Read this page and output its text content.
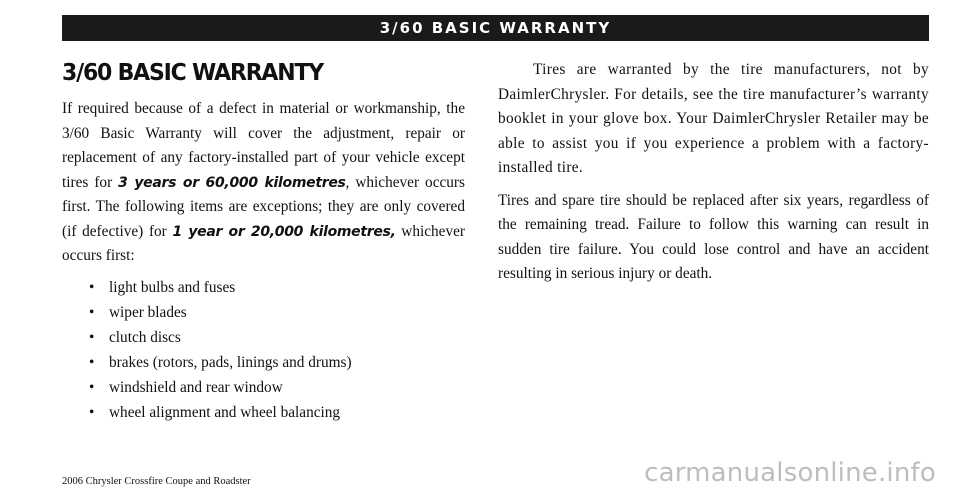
3/60 BASIC WARRANTY
3/60 BASIC WARRANTY

If required because of a defect in material or workmanship, the 3/60 Basic Warranty will cover the adjustment, repair or replacement of any factory-installed part of your vehicle except tires for 3 years or 60,000 kilometres, whichever occurs first. The following items are exceptions; they are only covered (if defective) for 1 year or 20,000 kilometres, whichever occurs first:

• light bulbs and fuses
• wiper blades
• clutch discs
• brakes (rotors, pads, linings and drums)
• windshield and rear window
• wheel alignment and wheel balancing

Tires are warranted by the tire manufacturers, not by DaimlerChrysler. For details, see the tire manufacturer’s warranty booklet in your glove box. Your DaimlerChrysler Retailer may be able to assist you if you experience a problem with a factory-installed tire.

Tires and spare tire should be replaced after six years, regardless of the remaining tread. Failure to follow this warning can result in sudden tire failure. You could lose control and have an accident resulting in serious injury or death.

2006 Chrysler Crossfire Coupe and Roadster	carmanualsonline.info
